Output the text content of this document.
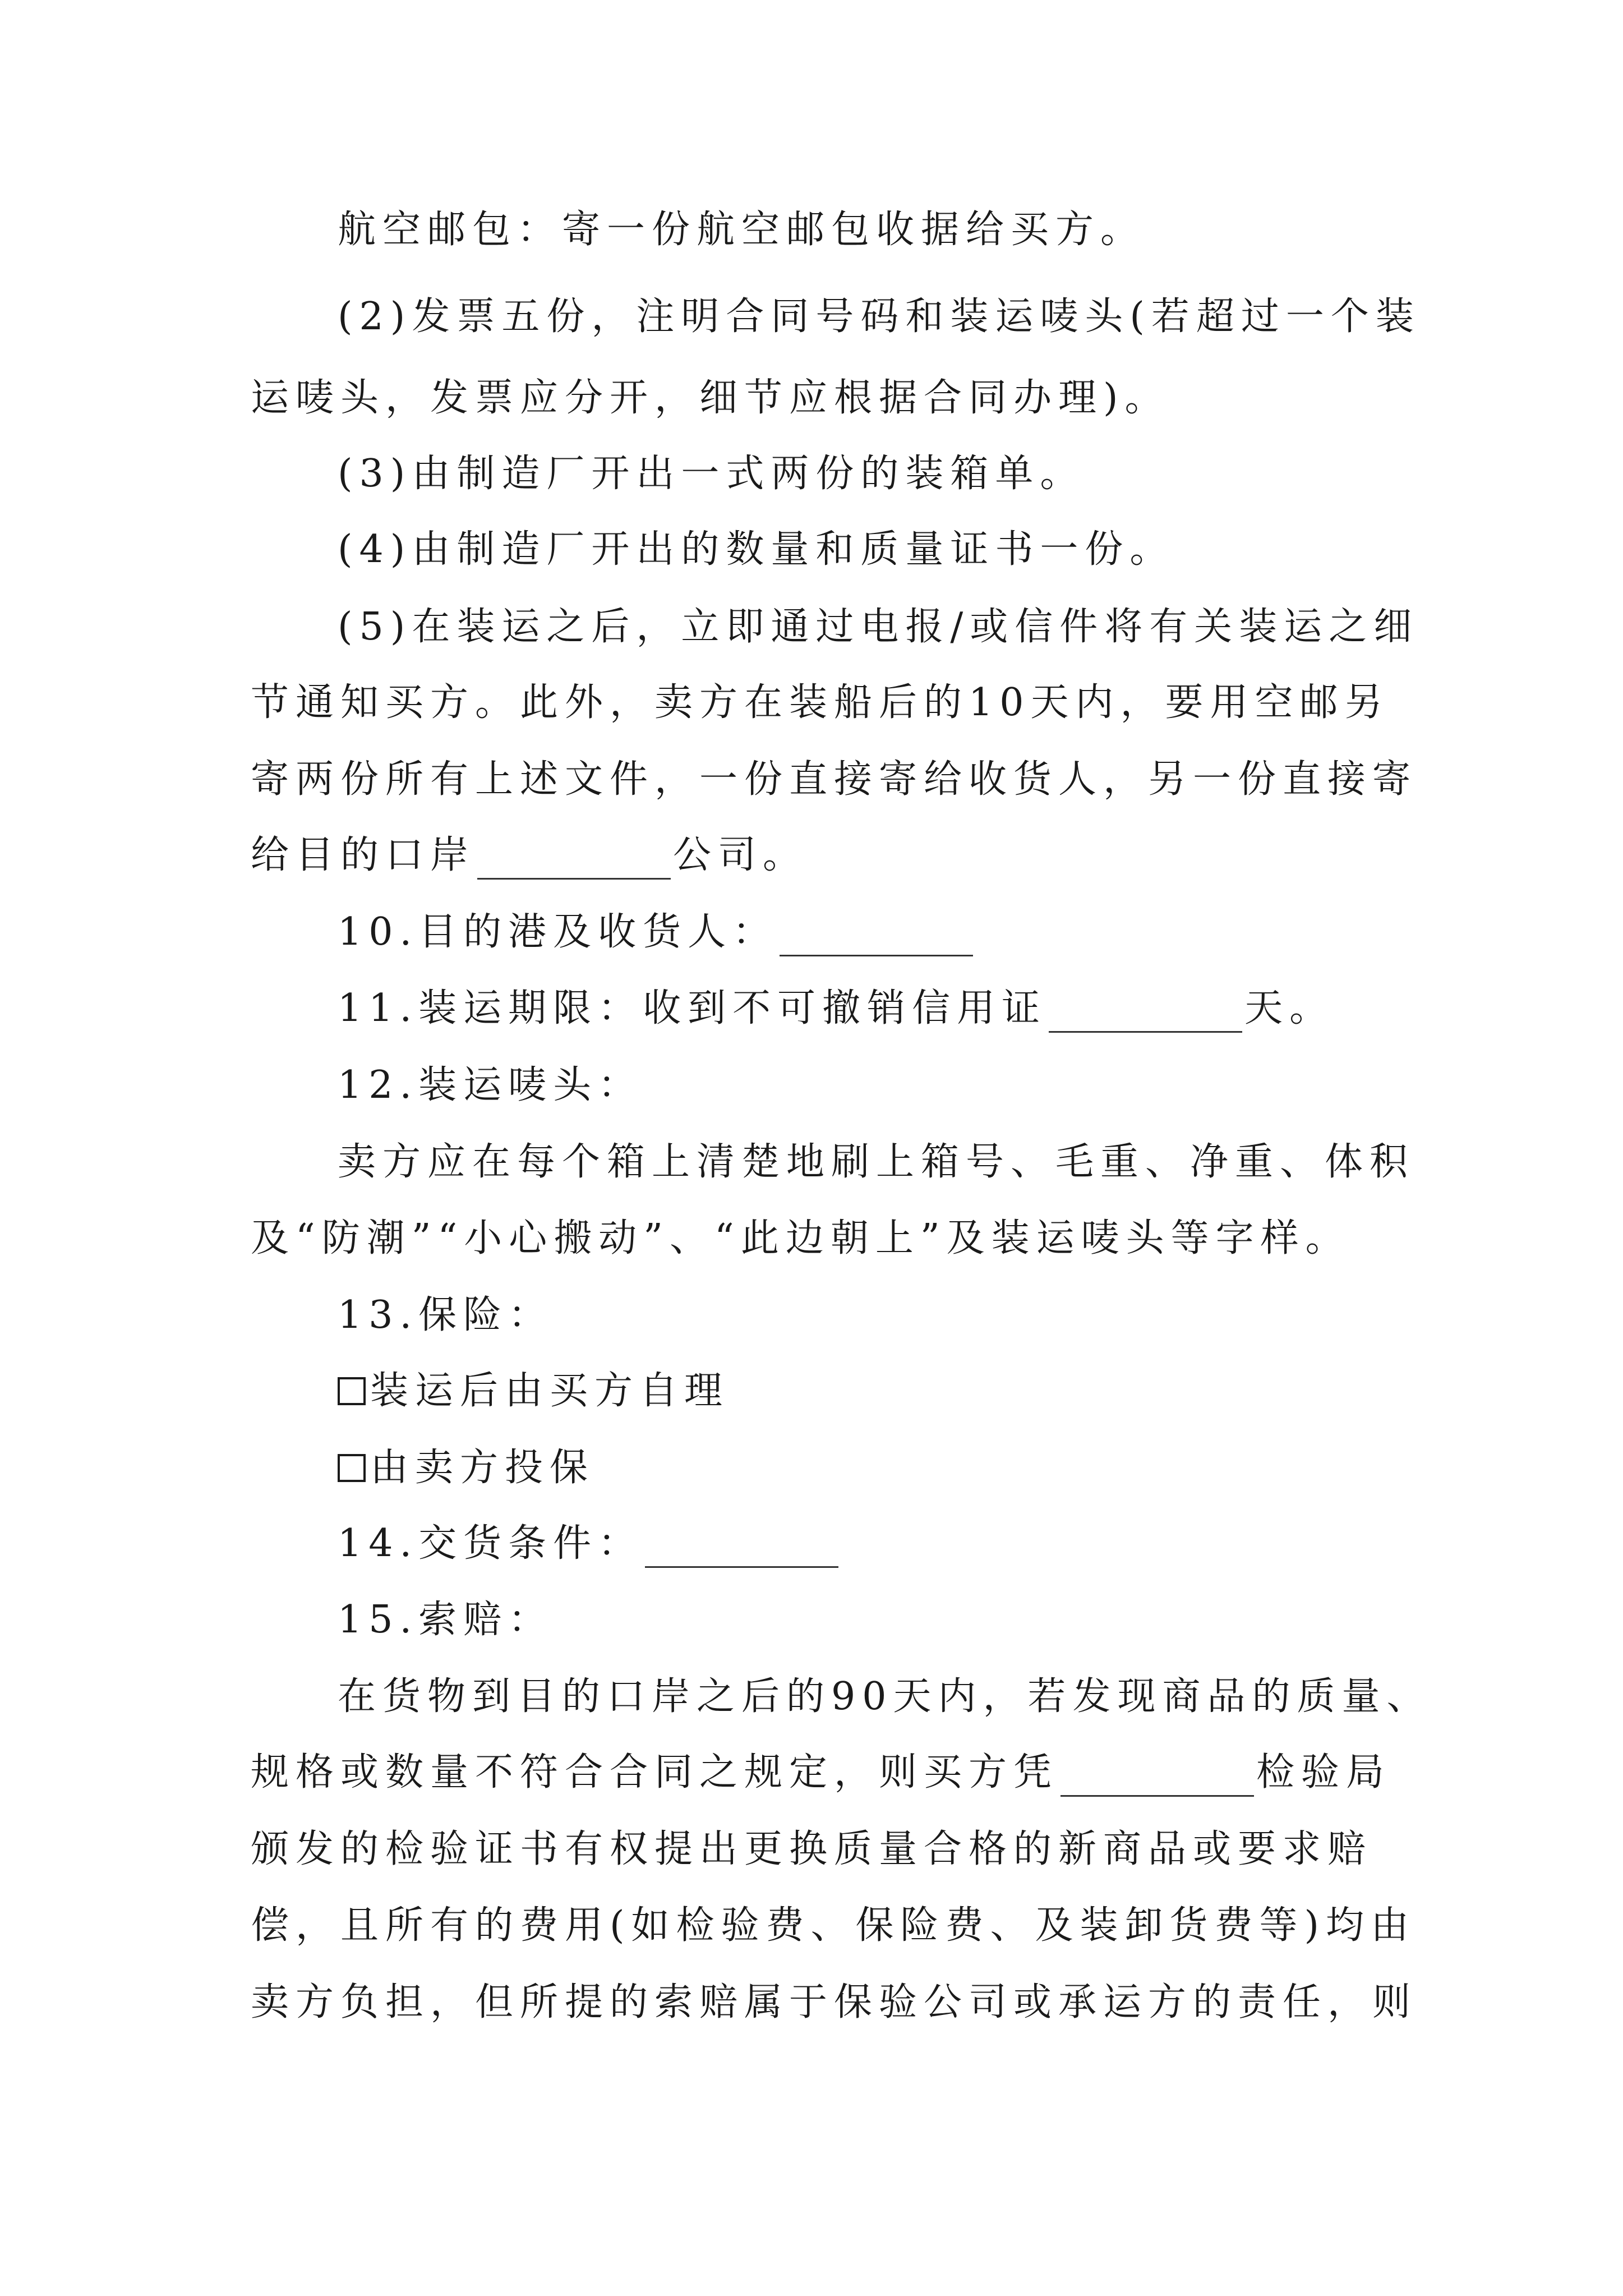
航空邮包：寄一份航空邮包收据给买方。
(2)发票五份，注明合同号码和装运唛头(若超过一个装
运唛头，发票应分开，细节应根据合同办理)。
(3)由制造厂开出一式两份的装箱单。
(4)由制造厂开出的数量和质量证书一份。
(5)在装运之后，立即通过电报/或信件将有关装运之细
节通知买方。此外，卖方在装船后的10天内，要用空邮另
寄两份所有上述文件，一份直接寄给收货人，另一份直接寄
给目的口岸	公司。
10.目的港及收货人：
11.装运期限：收到不可撤销信用证	天。
12.装运唛头：
卖方应在每个箱上清楚地刷上箱号、毛重、净重、体积
及“防潮”“小心搬动”、“此边朝上”及装运唛头等字样。
13.保险：
装运后由买方自理
由卖方投保
14.交货条件：
15.索赔：
在货物到目的口岸之后的90天内，若发现商品的质量、
规格或数量不符合合同之规定，则买方凭	检验局
颁发的检验证书有权提出更换质量合格的新商品或要求赔
偿，且所有的费用(如检验费、保险费、及装卸货费等)均由
卖方负担，但所提的索赔属于保验公司或承运方的责任，则
